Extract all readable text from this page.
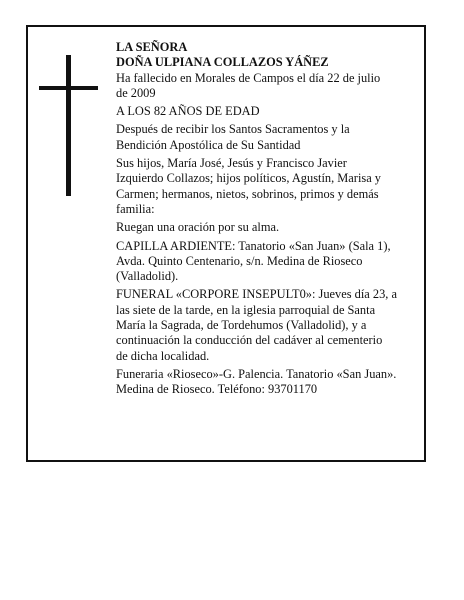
LA SEÑORA
DOÑA ULPIANA COLLAZOS YÁÑEZ
Ha fallecido en Morales de Campos el día 22 de julio
de 2009
A LOS 82 AÑOS DE EDAD
Después de recibir los Santos Sacramentos y la
Bendición Apostólica de Su Santidad
Sus hijos, María José, Jesús y Francisco Javier
Izquierdo Collazos; hijos políticos, Agustín, Marisa y
Carmen; hermanos, nietos, sobrinos, primos y demás
familia:
Ruegan una oración por su alma.
CAPILLA ARDIENTE: Tanatorio «San Juan» (Sala 1),
Avda. Quinto Centenario, s/n. Medina de Rioseco
(Valladolid).
FUNERAL «CORPORE INSEPULT0»: Jueves día 23, a
las siete de la tarde, en la iglesia parroquial de Santa
María la Sagrada, de Tordehumos (Valladolid), y a
continuación la conducción del cadáver al cementerio
de dicha localidad.
Funeraria «Rioseco»-G. Palencia. Tanatorio «San Juan».
Medina de Rioseco. Teléfono: 93701170
